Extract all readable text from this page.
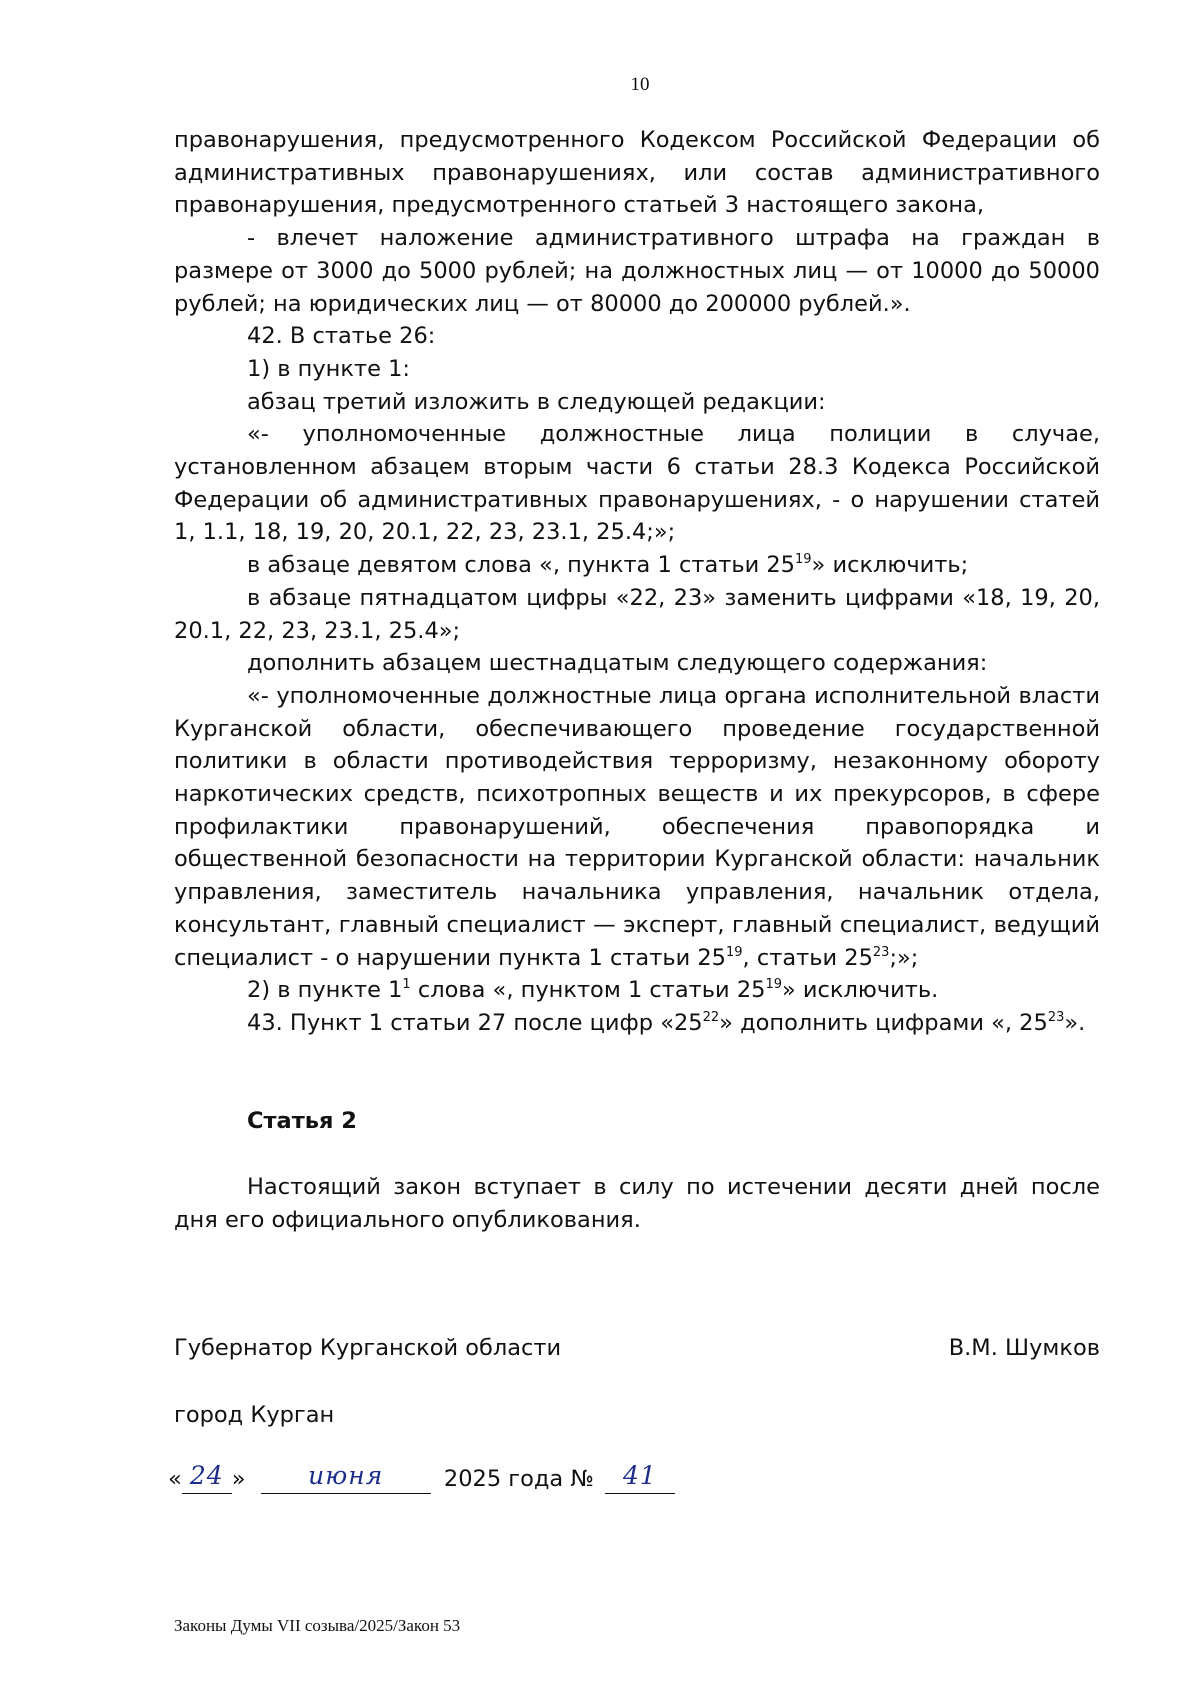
10

правонарушения, предусмотренного Кодексом Российской Федерации об административных правонарушениях, или состав административного правонарушения, предусмотренного статьей 3 настоящего закона,

- влечет наложение административного штрафа на граждан в размере от 3000 до 5000 рублей; на должностных лиц — от 10000 до 50000 рублей; на юридических лиц — от 80000 до 200000 рублей.».

42. В статье 26:

1) в пункте 1:

абзац третий изложить в следующей редакции:

«- уполномоченные должностные лица полиции в случае, установленном абзацем вторым части 6 статьи 28.3 Кодекса Российской Федерации об административных правонарушениях, - о нарушении статей 1, 1.1, 18, 19, 20, 20.1, 22, 23, 23.1, 25.4;»;

в абзаце девятом слова «, пункта 1 статьи $25^{19}$» исключить;

в абзаце пятнадцатом цифры «22, 23» заменить цифрами «18, 19, 20, 20.1, 22, 23, 23.1, 25.4»;

дополнить абзацем шестнадцатым следующего содержания:

«- уполномоченные должностные лица органа исполнительной власти Курганской области, обеспечивающего проведение государственной политики в области противодействия терроризму, незаконному обороту наркотических средств, психотропных веществ и их прекурсоров, в сфере профилактики правонарушений, обеспечения правопорядка и общественной безопасности на территории Курганской области: начальник управления, заместитель начальника управления, начальник отдела, консультант, главный специалист — эксперт, главный специалист, ведущий специалист - о нарушении пункта 1 статьи $25^{19}$, статьи $25^{23}$;»;

2) в пункте $1^1$ слова «, пунктом 1 статьи $25^{19}$» исключить.

43. Пункт 1 статьи 27 после цифр «$25^{22}$» дополнить цифрами «, $25^{23}$».

Статья 2

Настоящий закон вступает в силу по истечении десяти дней после дня его официального опубликования.

Губернатор Курганской области	В.М. Шумков
город Курган
« 24 »	июня	2025 года № 41
Законы Думы VII созыва/2025/Закон 53
